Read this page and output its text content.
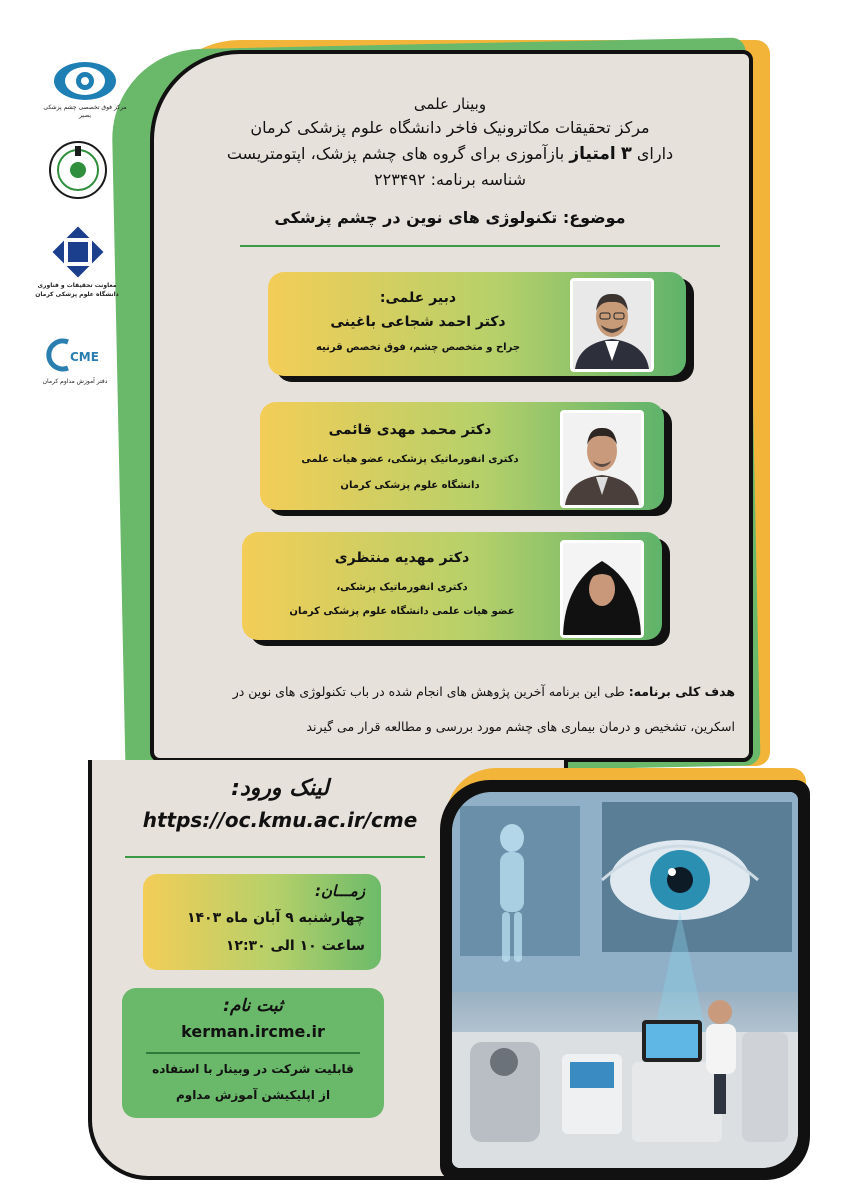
وبینار علمی
مرکز تحقیقات مکاترونیک فاخر دانشگاه علوم پزشکی کرمان
دارای ۳ امتیاز بازآموزی برای گروه های چشم پزشک، اپتومتریست
شناسه برنامه: ۲۲۳۴۹۲
موضوع: تکنولوژی های نوین در چشم پزشکی
دبیر علمی:
دکتر احمد شجاعی باغینی
جراح و متخصص چشم، فوق تخصص قرنیه
دکتر محمد مهدی قائمی
دکتری انفورماتیک پزشکی، عضو هیات علمی
دانشگاه علوم پزشکی کرمان
دکتر مهدیه منتظری
دکتری انفورماتیک پزشکی،
عضو هیات علمی دانشگاه علوم پزشکی کرمان
هدف کلی برنامه: طی این برنامه آخرین پژوهش های انجام شده در باب تکنولوژی های نوین در
اسکرین، تشخیص و درمان بیماری های چشم مورد بررسی و مطالعه قرار می گیرند
لینک ورود:
https://oc.kmu.ac.ir/cme
زمـــان:
چهارشنبه ۹ آبان ماه ۱۴۰۳
ساعت ۱۰ الی ۱۲:۳۰
ثبت نام:
kerman.ircme.ir
قابلیت شرکت در وبینار با استفاده
از اپلیکیشن آموزش مداوم
مرکز فوق تخصصی چشم پزشکی بصیر
معاونت تحقیقات و فناوری
دانشگاه علوم پزشکی کرمان
CME
دفتر آموزش مداوم کرمان
